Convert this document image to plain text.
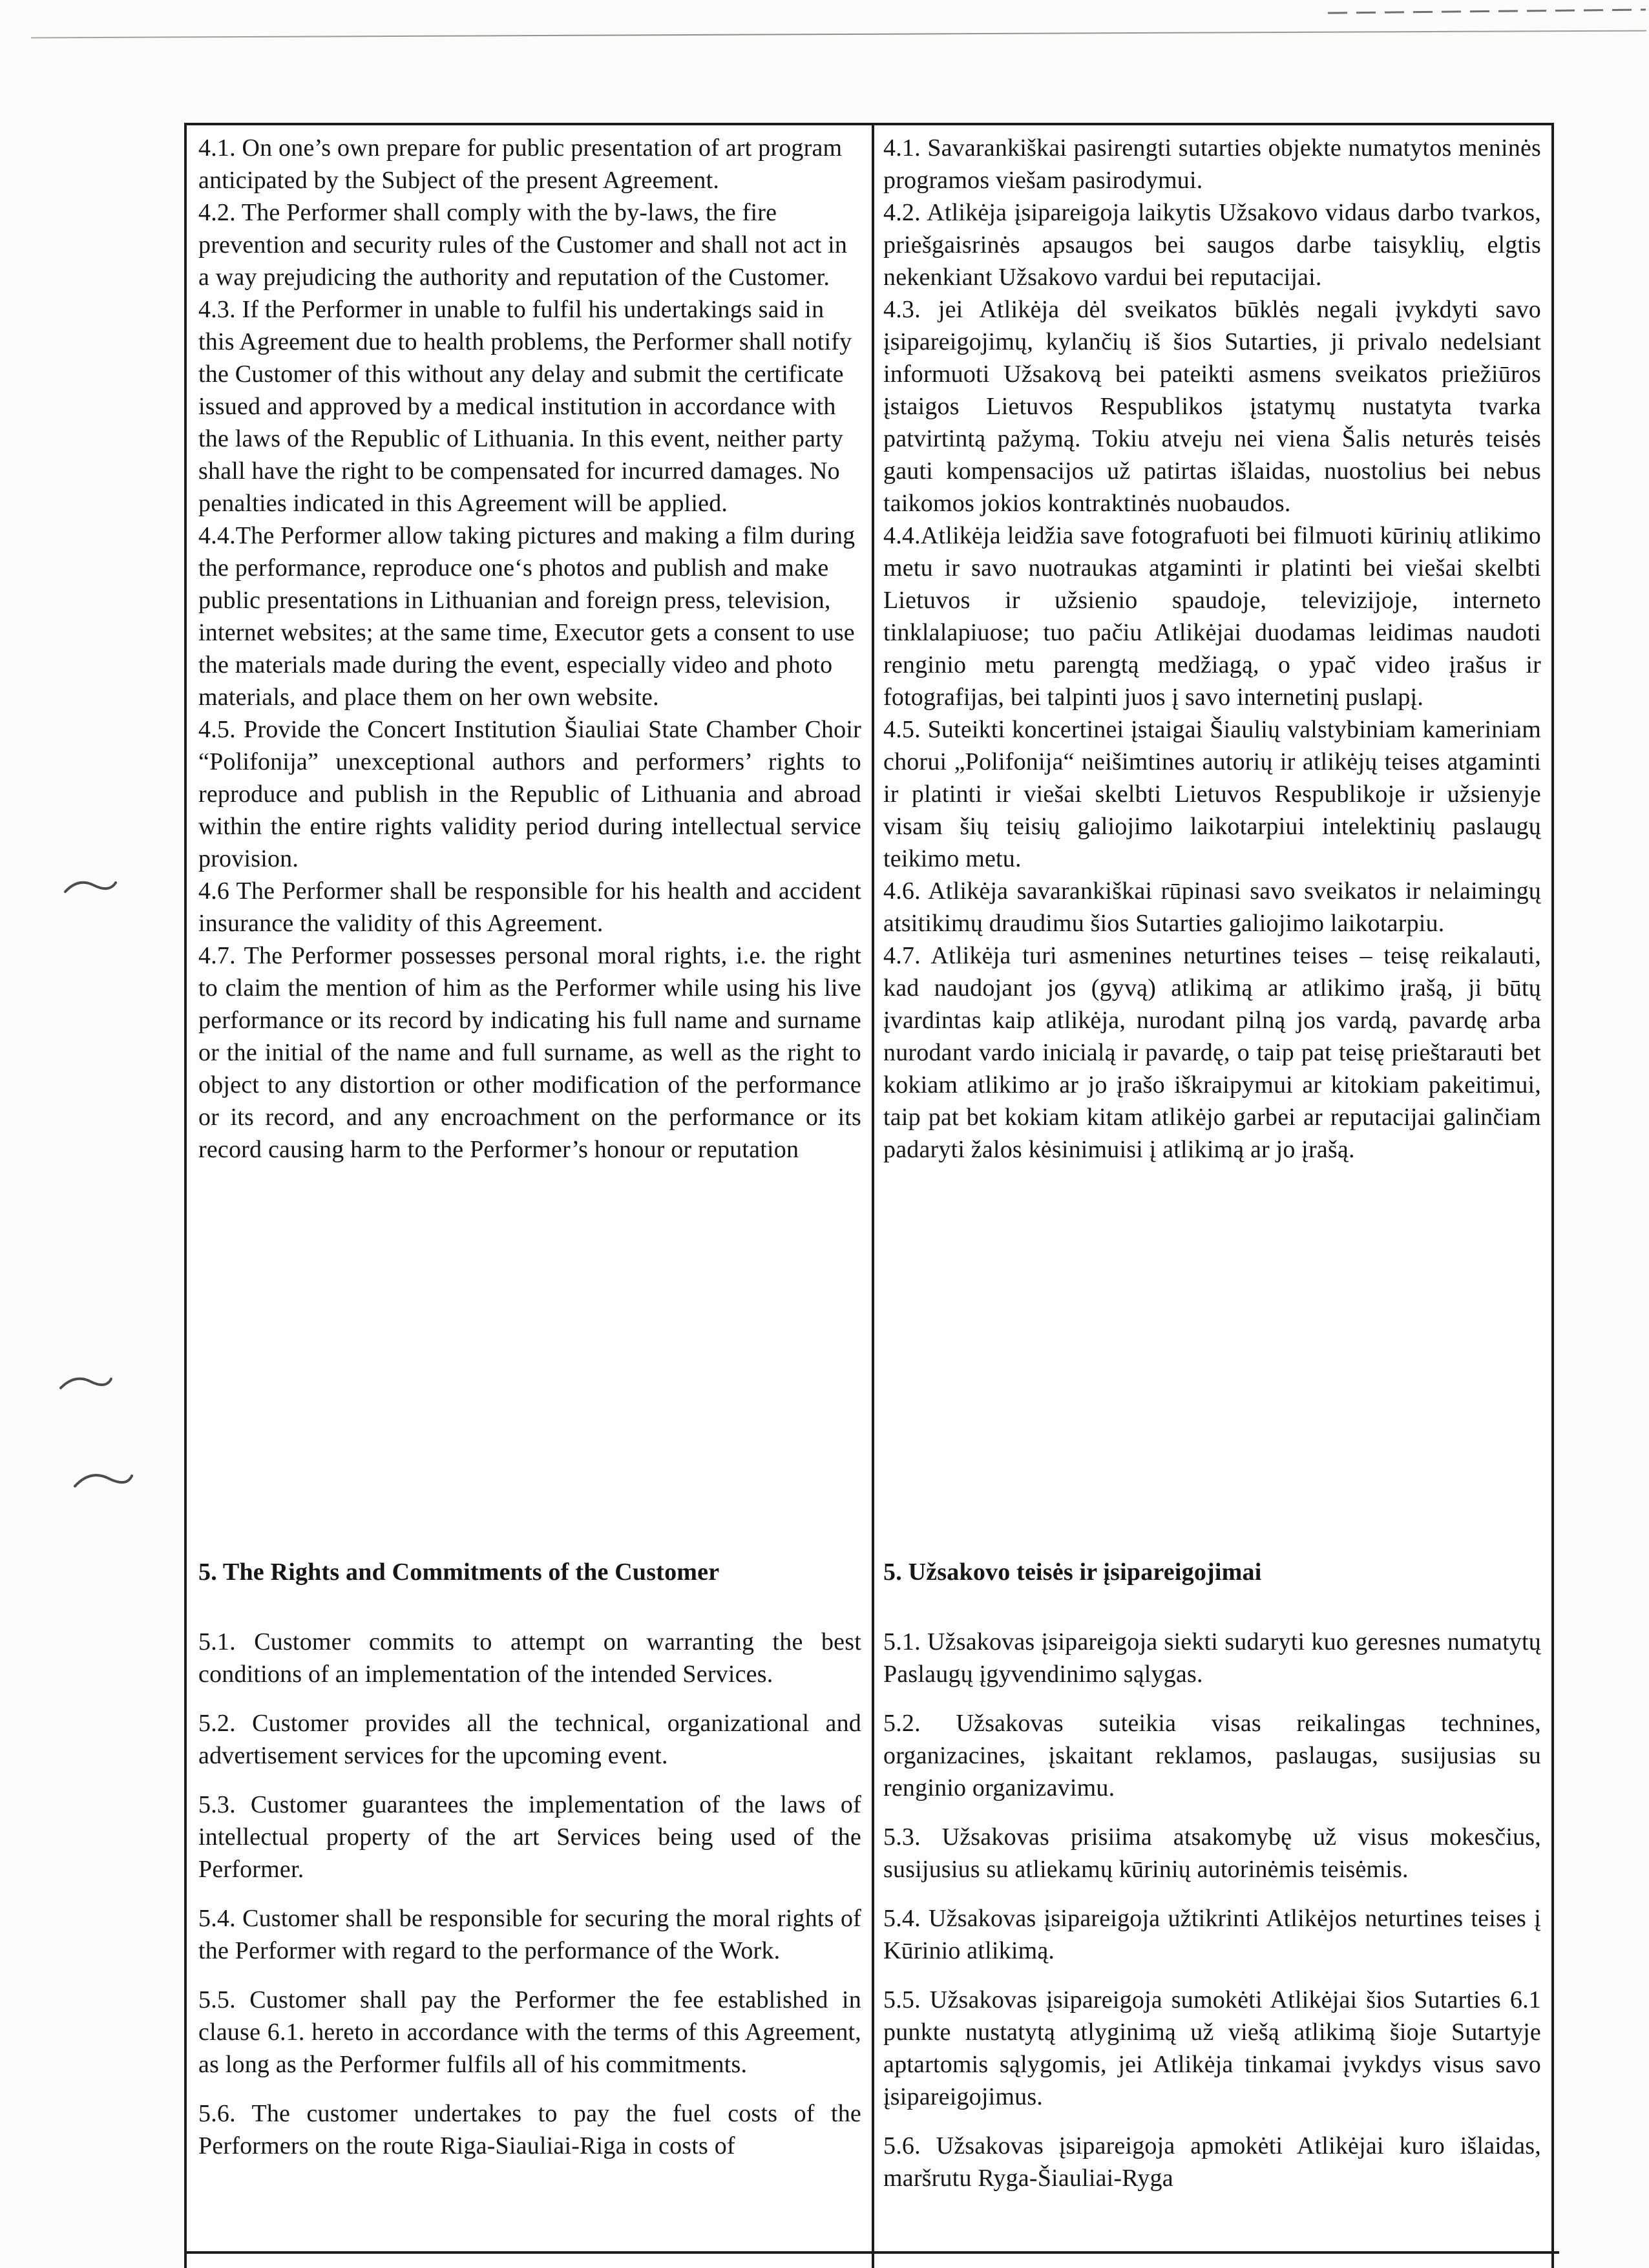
4.1. On one’s own prepare for public presentation of art program anticipated by the Subject of the present Agreement.

4.2. The Performer shall comply with the by-laws, the fire prevention and security rules of the Customer and shall not act in a way prejudicing the authority and reputation of the Customer.

4.3. If the Performer in unable to fulfil his undertakings said in this Agreement due to health problems, the Performer shall notify the Customer of this without any delay and submit the certificate issued and approved by a medical institution in accordance with the laws of the Republic of Lithuania. In this event, neither party shall have the right to be compensated for incurred damages. No penalties indicated in this Agreement will be applied.

4.4.The Performer allow taking pictures and making a film during the performance, reproduce one‘s photos and publish and make public presentations in Lithuanian and foreign press, television, internet websites; at the same time, Executor gets a consent to use the materials made during the event, especially video and photo materials, and place them on her own website.

4.5. Provide the Concert Institution Šiauliai State Chamber Choir “Polifonija” unexceptional authors and performers’ rights to reproduce and publish in the Republic of Lithuania and abroad within the entire rights validity period during intellectual service provision.

4.6 The Performer shall be responsible for his health and accident insurance the validity of this Agreement.

4.7. The Performer possesses personal moral rights, i.e. the right to claim the mention of him as the Performer while using his live performance or its record by indicating his full name and surname or the initial of the name and full surname, as well as the right to object to any distortion or other modification of the performance or its record, and any encroachment on the performance or its record causing harm to the Performer’s honour or reputation

4.1. Savarankiškai pasirengti sutarties objekte numatytos meninės programos viešam pasirodymui.

4.2. Atlikėja įsipareigoja laikytis Užsakovo vidaus darbo tvarkos, priešgaisrinės apsaugos bei saugos darbe taisyklių, elgtis nekenkiant Užsakovo vardui bei reputacijai.

4.3. jei Atlikėja dėl sveikatos būklės negali įvykdyti savo įsipareigojimų, kylančių iš šios Sutarties, ji privalo nedelsiant informuoti Užsakovą bei pateikti asmens sveikatos priežiūros įstaigos Lietuvos Respublikos įstatymų nustatyta tvarka patvirtintą pažymą. Tokiu atveju nei viena Šalis neturės teisės gauti kompensacijos už patirtas išlaidas, nuostolius bei nebus taikomos jokios kontraktinės nuobaudos.

4.4.Atlikėja leidžia save fotografuoti bei filmuoti kūrinių atlikimo metu ir savo nuotraukas atgaminti ir platinti bei viešai skelbti Lietuvos ir užsienio spaudoje, televizijoje, interneto tinklalapiuose; tuo pačiu Atlikėjai duodamas leidimas naudoti renginio metu parengtą medžiagą, o ypač video įrašus ir fotografijas, bei talpinti juos į savo internetinį puslapį.

4.5. Suteikti koncertinei įstaigai Šiaulių valstybiniam kameriniam chorui „Polifonija“ neišimtines autorių ir atlikėjų teises atgaminti ir platinti ir viešai skelbti Lietuvos Respublikoje ir užsienyje visam šių teisių galiojimo laikotarpiui intelektinių paslaugų teikimo metu.

4.6. Atlikėja savarankiškai rūpinasi savo sveikatos ir nelaimingų atsitikimų draudimu šios Sutarties galiojimo laikotarpiu.

4.7. Atlikėja turi asmenines neturtines teises – teisę reikalauti, kad naudojant jos (gyvą) atlikimą ar atlikimo įrašą, ji būtų įvardintas kaip atlikėja, nurodant pilną jos vardą, pavardę arba nurodant vardo inicialą ir pavardę, o taip pat teisę prieštarauti bet kokiam atlikimo ar jo įrašo iškraipymui ar kitokiam pakeitimui, taip pat bet kokiam kitam atlikėjo garbei ar reputacijai galinčiam padaryti žalos kėsinimuisi į atlikimą ar jo įrašą.

5. The Rights and Commitments of the Customer

5.1. Customer commits to attempt on warranting the best conditions of an implementation of the intended Services.

5.2. Customer provides all the technical, organizational and advertisement services for the upcoming event.

5.3. Customer guarantees the implementation of the laws of intellectual property of the art Services being used of the Performer.

5.4. Customer shall be responsible for securing the moral rights of the Performer with regard to the performance of the Work.

5.5. Customer shall pay the Performer the fee established in clause 6.1. hereto in accordance with the terms of this Agreement, as long as the Performer fulfils all of his commitments.

5.6. The customer undertakes to pay the fuel costs of the Performers on the route Riga-Siauliai-Riga in costs of

5. Užsakovo teisės ir įsipareigojimai

5.1. Užsakovas įsipareigoja siekti sudaryti kuo geresnes numatytų Paslaugų įgyvendinimo sąlygas.

5.2. Užsakovas suteikia visas reikalingas technines, organizacines, įskaitant reklamos, paslaugas, susijusias su renginio organizavimu.

5.3. Užsakovas prisiima atsakomybę už visus mokesčius, susijusius su atliekamų kūrinių autorinėmis teisėmis.

5.4. Užsakovas įsipareigoja užtikrinti Atlikėjos neturtines teises į Kūrinio atlikimą.

5.5. Užsakovas įsipareigoja sumokėti Atlikėjai šios Sutarties 6.1 punkte nustatytą atlyginimą už viešą atlikimą šioje Sutartyje aptartomis sąlygomis, jei Atlikėja tinkamai įvykdys visus savo įsipareigojimus.

5.6. Užsakovas įsipareigoja apmokėti Atlikėjai kuro išlaidas, maršrutu Ryga-Šiauliai-Ryga
